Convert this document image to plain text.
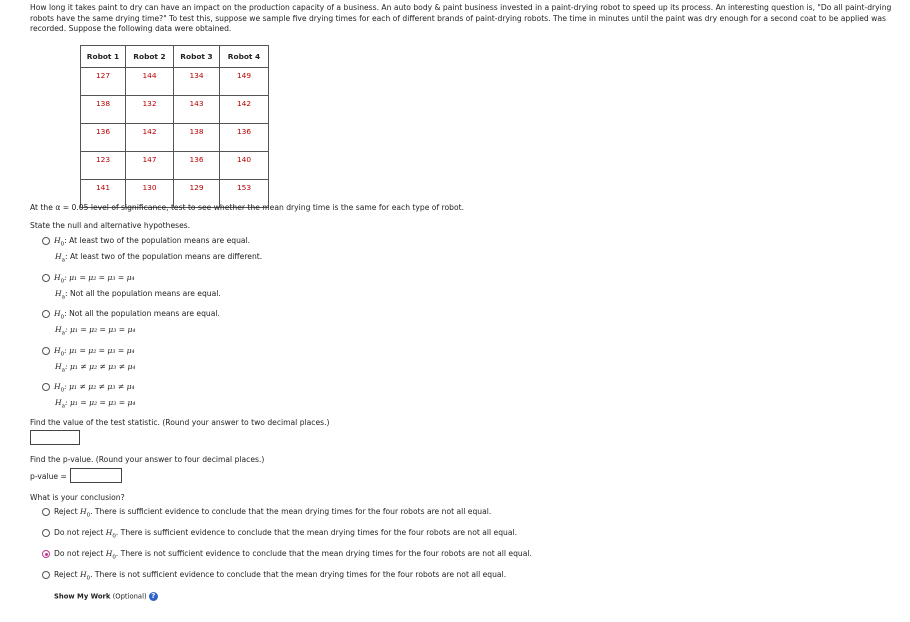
How long it takes paint to dry can have an impact on the production capacity of a business. An auto body & paint business invested in a paint-drying robot to speed up its process. An interesting question is, "Do all paint-drying robots have the same drying time?" To test this, suppose we sample five drying times for each of different brands of paint-drying robots. The time in minutes until the paint was dry enough for a second coat to be applied was recorded. Suppose the following data were obtained.
Robot 1	Robot 2	Robot 3	Robot 4
127	144	134	149
138	132	143	142
136	142	138	136
123	147	136	140
141	130	129	153
At the α = 0.05 level of significance, test to see whether the mean drying time is the same for each type of robot.
State the null and alternative hypotheses.
$H_0$: At least two of the population means are equal.
$H_a$: At least two of the population means are different.
$H_0$: μ₁ = μ₂ = μ₃ = μ₄
$H_a$: Not all the population means are equal.
$H_0$: Not all the population means are equal.
$H_a$: μ₁ = μ₂ = μ₃ = μ₄
$H_0$: μ₁ = μ₂ = μ₃ = μ₄
$H_a$: μ₁ ≠ μ₂ ≠ μ₃ ≠ μ₄
$H_0$: μ₁ ≠ μ₂ ≠ μ₃ ≠ μ₄
$H_a$: μ₁ = μ₂ = μ₃ = μ₄
Find the value of the test statistic. (Round your answer to two decimal places.)
Find the p-value. (Round your answer to four decimal places.)
p-value =
What is your conclusion?
Reject $H_0$. There is sufficient evidence to conclude that the mean drying times for the four robots are not all equal.
Do not reject $H_0$. There is sufficient evidence to conclude that the mean drying times for the four robots are not all equal.
Do not reject $H_0$. There is not sufficient evidence to conclude that the mean drying times for the four robots are not all equal.
Reject $H_0$. There is not sufficient evidence to conclude that the mean drying times for the four robots are not all equal.
Show My Work (Optional) ?
